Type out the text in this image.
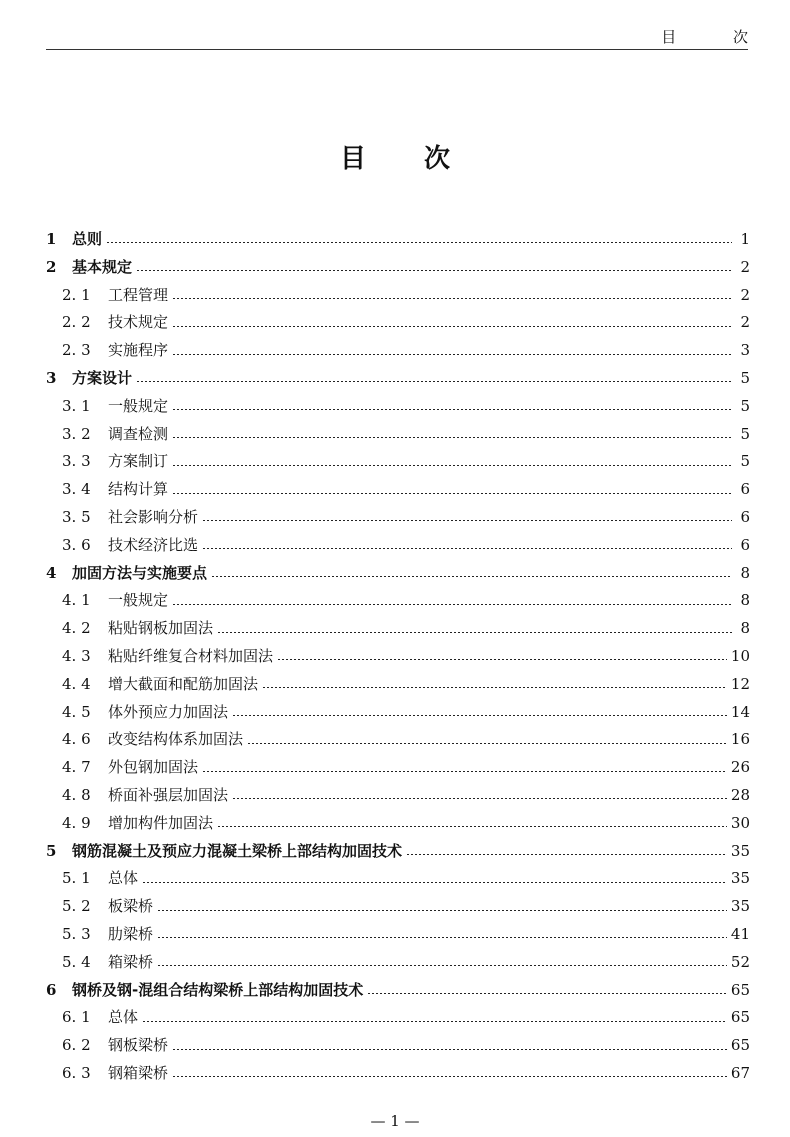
目 次
目次
1	总则	1
2	基本规定	2
2. 1	工程管理	2
2. 2	技术规定	2
2. 3	实施程序	3
3	方案设计	5
3. 1	一般规定	5
3. 2	调查检测	5
3. 3	方案制订	5
3. 4	结构计算	6
3. 5	社会影响分析	6
3. 6	技术经济比选	6
4	加固方法与实施要点	8
4. 1	一般规定	8
4. 2	粘贴钢板加固法	8
4. 3	粘贴纤维复合材料加固法	10
4. 4	增大截面和配筋加固法	12
4. 5	体外预应力加固法	14
4. 6	改变结构体系加固法	16
4. 7	外包钢加固法	26
4. 8	桥面补强层加固法	28
4. 9	增加构件加固法	30
5	钢筋混凝土及预应力混凝土梁桥上部结构加固技术	35
5. 1	总体	35
5. 2	板梁桥	35
5. 3	肋梁桥	41
5. 4	箱梁桥	52
6	钢桥及钢-混组合结构梁桥上部结构加固技术	65
6. 1	总体	65
6. 2	钢板梁桥	65
6. 3	钢箱梁桥	67
— 1 —
